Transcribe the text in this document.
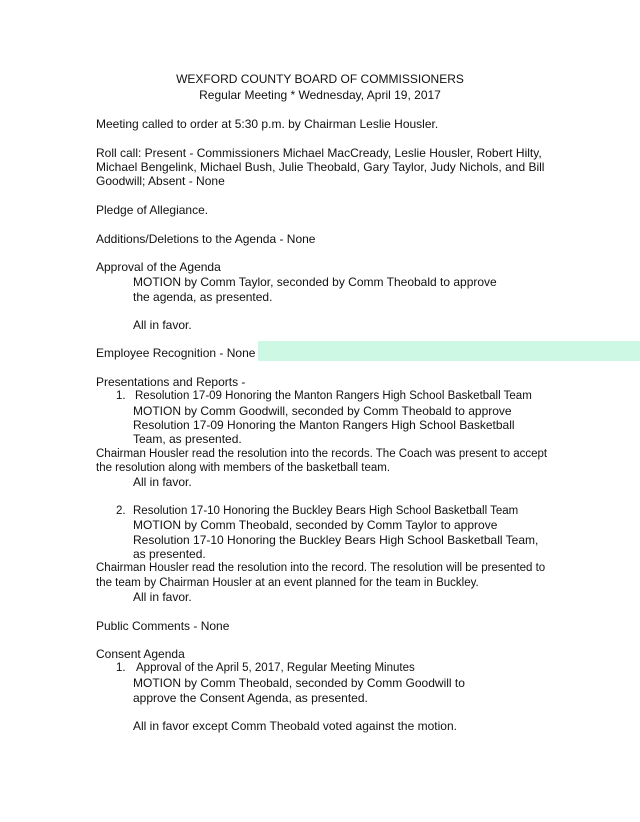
WEXFORD COUNTY BOARD OF COMMISSIONERS
Regular Meeting * Wednesday, April 19, 2017
Meeting called to order at 5:30 p.m. by Chairman Leslie Housler.
Roll call: Present - Commissioners Michael MacCready, Leslie Housler, Robert Hilty,
Michael Bengelink, Michael Bush, Julie Theobald, Gary Taylor, Judy Nichols, and Bill
Goodwill; Absent - None
Pledge of Allegiance.
Additions/Deletions to the Agenda - None
Approval of the Agenda
MOTION by Comm Taylor, seconded by Comm Theobald to approve
the agenda, as presented.
All in favor.
Employee Recognition - None
Presentations and Reports -
1. Resolution 17-09 Honoring the Manton Rangers High School Basketball Team
MOTION by Comm Goodwill, seconded by Comm Theobald to approve
Resolution 17-09 Honoring the Manton Rangers High School Basketball
Team, as presented.
Chairman Housler read the resolution into the records. The Coach was present to accept
the resolution along with members of the basketball team.
All in favor.
2. Resolution 17-10 Honoring the Buckley Bears High School Basketball Team
MOTION by Comm Theobald, seconded by Comm Taylor to approve
Resolution 17-10 Honoring the Buckley Bears High School Basketball Team,
as presented.
Chairman Housler read the resolution into the record. The resolution will be presented to
the team by Chairman Housler at an event planned for the team in Buckley.
All in favor.
Public Comments - None
Consent Agenda
1. Approval of the April 5, 2017, Regular Meeting Minutes
MOTION by Comm Theobald, seconded by Comm Goodwill to
approve the Consent Agenda, as presented.
All in favor except Comm Theobald voted against the motion.
